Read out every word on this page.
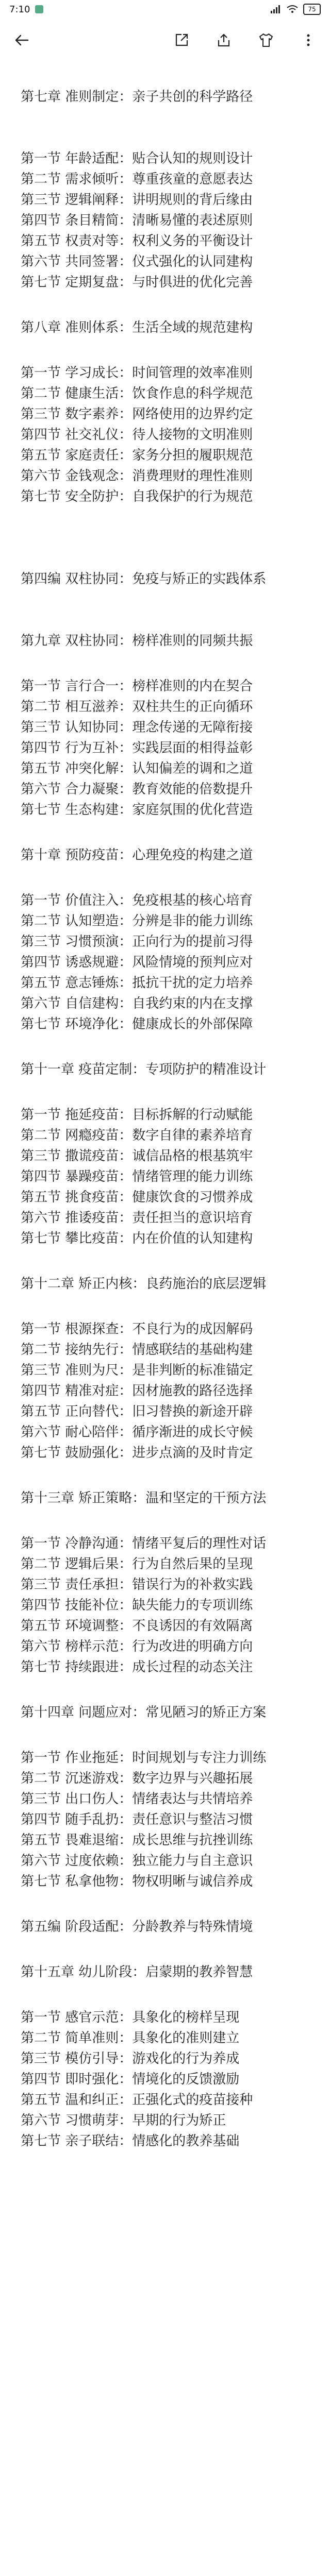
7:10	75
第七章 准则制定：亲子共创的科学路径
第一节 年龄适配：贴合认知的规则设计
第二节 需求倾听：尊重孩童的意愿表达
第三节 逻辑阐释：讲明规则的背后缘由
第四节 条目精简：清晰易懂的表述原则
第五节 权责对等：权利义务的平衡设计
第六节 共同签署：仪式强化的认同建构
第七节 定期复盘：与时俱进的优化完善
第八章 准则体系：生活全域的规范建构
第一节 学习成长：时间管理的效率准则
第二节 健康生活：饮食作息的科学规范
第三节 数字素养：网络使用的边界约定
第四节 社交礼仪：待人接物的文明准则
第五节 家庭责任：家务分担的履职规范
第六节 金钱观念：消费理财的理性准则
第七节 安全防护：自我保护的行为规范
第四编 双柱协同：免疫与矫正的实践体系
第九章 双柱协同：榜样准则的同频共振
第一节 言行合一：榜样准则的内在契合
第二节 相互滋养：双柱共生的正向循环
第三节 认知协同：理念传递的无障衔接
第四节 行为互补：实践层面的相得益彰
第五节 冲突化解：认知偏差的调和之道
第六节 合力凝聚：教育效能的倍数提升
第七节 生态构建：家庭氛围的优化营造
第十章 预防疫苗：心理免疫的构建之道
第一节 价值注入：免疫根基的核心培育
第二节 认知塑造：分辨是非的能力训练
第三节 习惯预演：正向行为的提前习得
第四节 诱惑规避：风险情境的预判应对
第五节 意志锤炼：抵抗干扰的定力培养
第六节 自信建构：自我约束的内在支撑
第七节 环境净化：健康成长的外部保障
第十一章 疫苗定制：专项防护的精准设计
第一节 拖延疫苗：目标拆解的行动赋能
第二节 网瘾疫苗：数字自律的素养培育
第三节 撒谎疫苗：诚信品格的根基筑牢
第四节 暴躁疫苗：情绪管理的能力训练
第五节 挑食疫苗：健康饮食的习惯养成
第六节 推诿疫苗：责任担当的意识培育
第七节 攀比疫苗：内在价值的认知建构
第十二章 矫正内核：良药施治的底层逻辑
第一节 根源探查：不良行为的成因解码
第二节 接纳先行：情感联结的基础构建
第三节 准则为尺：是非判断的标准锚定
第四节 精准对症：因材施教的路径选择
第五节 正向替代：旧习替换的新途开辟
第六节 耐心陪伴：循序渐进的成长守候
第七节 鼓励强化：进步点滴的及时肯定
第十三章 矫正策略：温和坚定的干预方法
第一节 冷静沟通：情绪平复后的理性对话
第二节 逻辑后果：行为自然后果的呈现
第三节 责任承担：错误行为的补救实践
第四节 技能补位：缺失能力的专项训练
第五节 环境调整：不良诱因的有效隔离
第六节 榜样示范：行为改进的明确方向
第七节 持续跟进：成长过程的动态关注
第十四章 问题应对：常见陋习的矫正方案
第一节 作业拖延：时间规划与专注力训练
第二节 沉迷游戏：数字边界与兴趣拓展
第三节 出口伤人：情绪表达与共情培养
第四节 随手乱扔：责任意识与整洁习惯
第五节 畏难退缩：成长思维与抗挫训练
第六节 过度依赖：独立能力与自主意识
第七节 私拿他物：物权明晰与诚信养成
第五编 阶段适配：分龄教养与特殊情境
第十五章 幼儿阶段：启蒙期的教养智慧
第一节 感官示范：具象化的榜样呈现
第二节 简单准则：具象化的准则建立
第三节 模仿引导：游戏化的行为养成
第四节 即时强化：情境化的反馈激励
第五节 温和纠正：正强化式的疫苗接种
第六节 习惯萌芽：早期的行为矫正
第七节 亲子联结：情感化的教养基础
